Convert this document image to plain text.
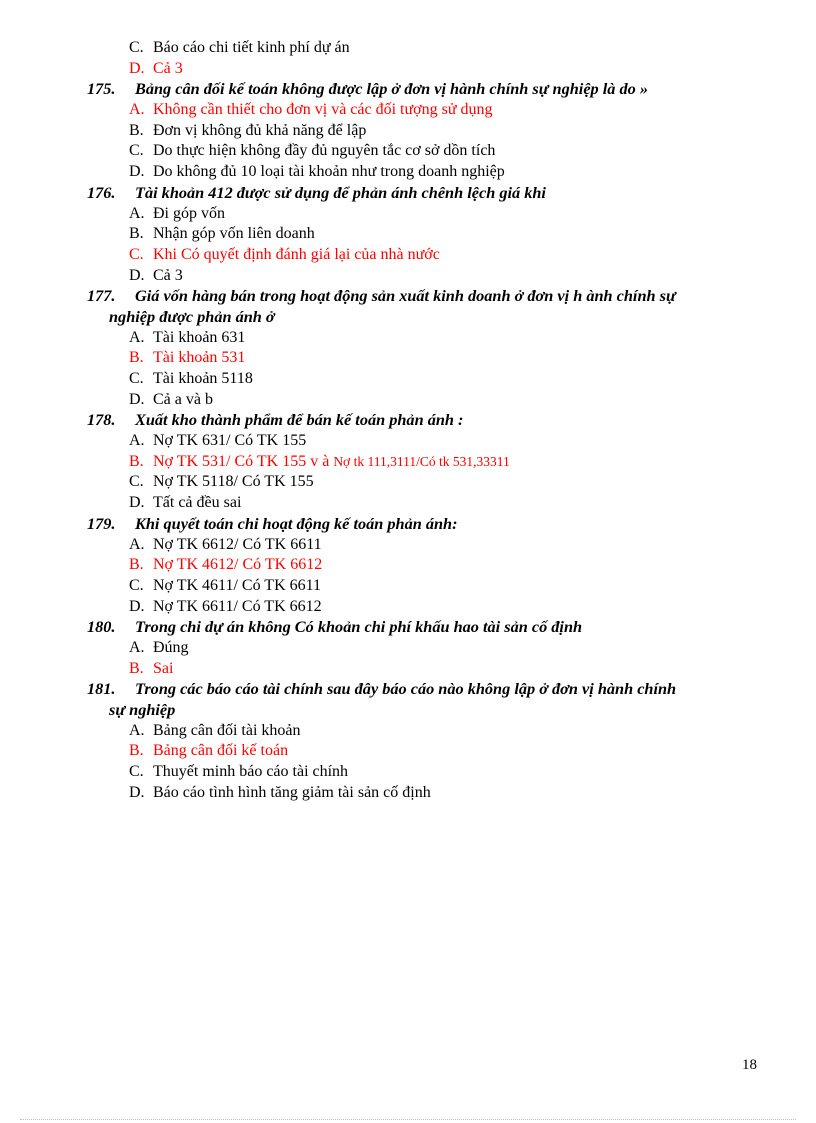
C. Báo cáo chi tiết kinh phí dự án
D. Cả 3
175. Bảng cân đối kế toán không được lập ở đơn vị hành chính sự nghiệp là do »
A. Không cần thiết cho đơn vị và các đối tượng sử dụng
B. Đơn vị không đủ khả năng để lập
C. Do thực hiện không đầy đủ nguyên tắc cơ sở dồn tích
D. Do không đủ 10 loại tài khoản như trong doanh nghiệp
176. Tài khoản 412 được sử dụng để phản ánh chênh lệch giá khi
A. Đi góp vốn
B. Nhận góp vốn liên doanh
C. Khi Có quyết định đánh giá lại của nhà nước
D. Cả 3
177. Giá vốn hàng bán trong hoạt động sản xuất kinh doanh ở đơn vị h ành chính sự
nghiệp được phản ánh ở
A. Tài khoản 631
B. Tài khoản 531
C. Tài khoản 5118
D. Cả a và b
178. Xuất kho thành phẩm để bán kế toán phản ánh :
A. Nợ TK 631/ Có TK 155
B. Nợ TK 531/ Có TK 155 v à Nợ tk 111,3111/Có tk 531,33311
C. Nợ TK 5118/ Có TK 155
D. Tất cả đều sai
179. Khi quyết toán chi hoạt động kế toán phản ánh:
A. Nợ TK 6612/ Có TK 6611
B. Nợ TK 4612/ Có TK 6612
C. Nợ TK 4611/ Có TK 6611
D. Nợ TK 6611/ Có TK 6612
180. Trong chi dự án không Có khoản chi phí khấu hao tài sản cố định
A. Đúng
B. Sai
181. Trong các báo cáo tài chính sau đây báo cáo nào không lập ở đơn vị hành chính
sự nghiệp
A. Bảng cân đối tài khoản
B. Bảng cân đối kế toán
C. Thuyết minh báo cáo tài chính
D. Báo cáo tình hình tăng giảm tài sản cố định
18
